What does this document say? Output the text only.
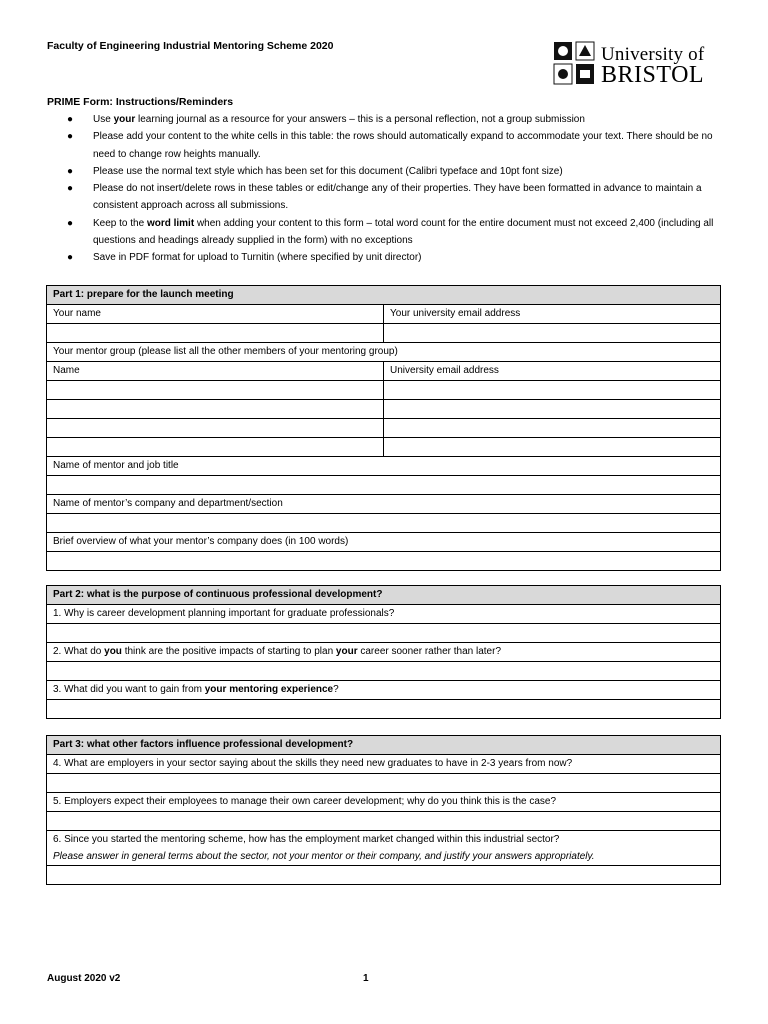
Faculty of Engineering Industrial Mentoring Scheme 2020	University of
BRISTOL
PRIME Form: Instructions/Reminders
● Use your learning journal as a resource for your answers – this is a personal reflection, not a group submission
● Please add your content to the white cells in this table: the rows should automatically expand to accommodate your text. There should be no need to change row heights manually.
● Please use the normal text style which has been set for this document (Calibri typeface and 10pt font size)
● Please do not insert/delete rows in these tables or edit/change any of their properties. They have been formatted in advance to maintain a consistent approach across all submissions.
● Keep to the word limit when adding your content to this form – total word count for the entire document must not exceed 2,400 (including all questions and headings already supplied in the form) with no exceptions
● Save in PDF format for upload to Turnitin (where specified by unit director)
Part 1: prepare for the launch meeting	
Your name	Your university email address

Your mentor group (please list all the other members of your mentoring group)	
Name	University email address

Name of mentor and job title	

Name of mentor’s company and department/section	

Brief overview of what your mentor’s company does (in 100 words)	

Part 2: what is the purpose of continuous professional development?
1. Why is career development planning important for graduate professionals?

2. What do you think are the positive impacts of starting to plan your career sooner rather than later?

3. What did you want to gain from your mentoring experience?

Part 3: what other factors influence professional development?
4. What are employers in your sector saying about the skills they need new graduates to have in 2-3 years from now?

5. Employers expect their employees to manage their own career development; why do you think this is the case?

6. Since you started the mentoring scheme, how has the employment market changed within this industrial sector?
Please answer in general terms about the sector, not your mentor or their company, and justify your answers appropriately.

August 2020 v2	1
